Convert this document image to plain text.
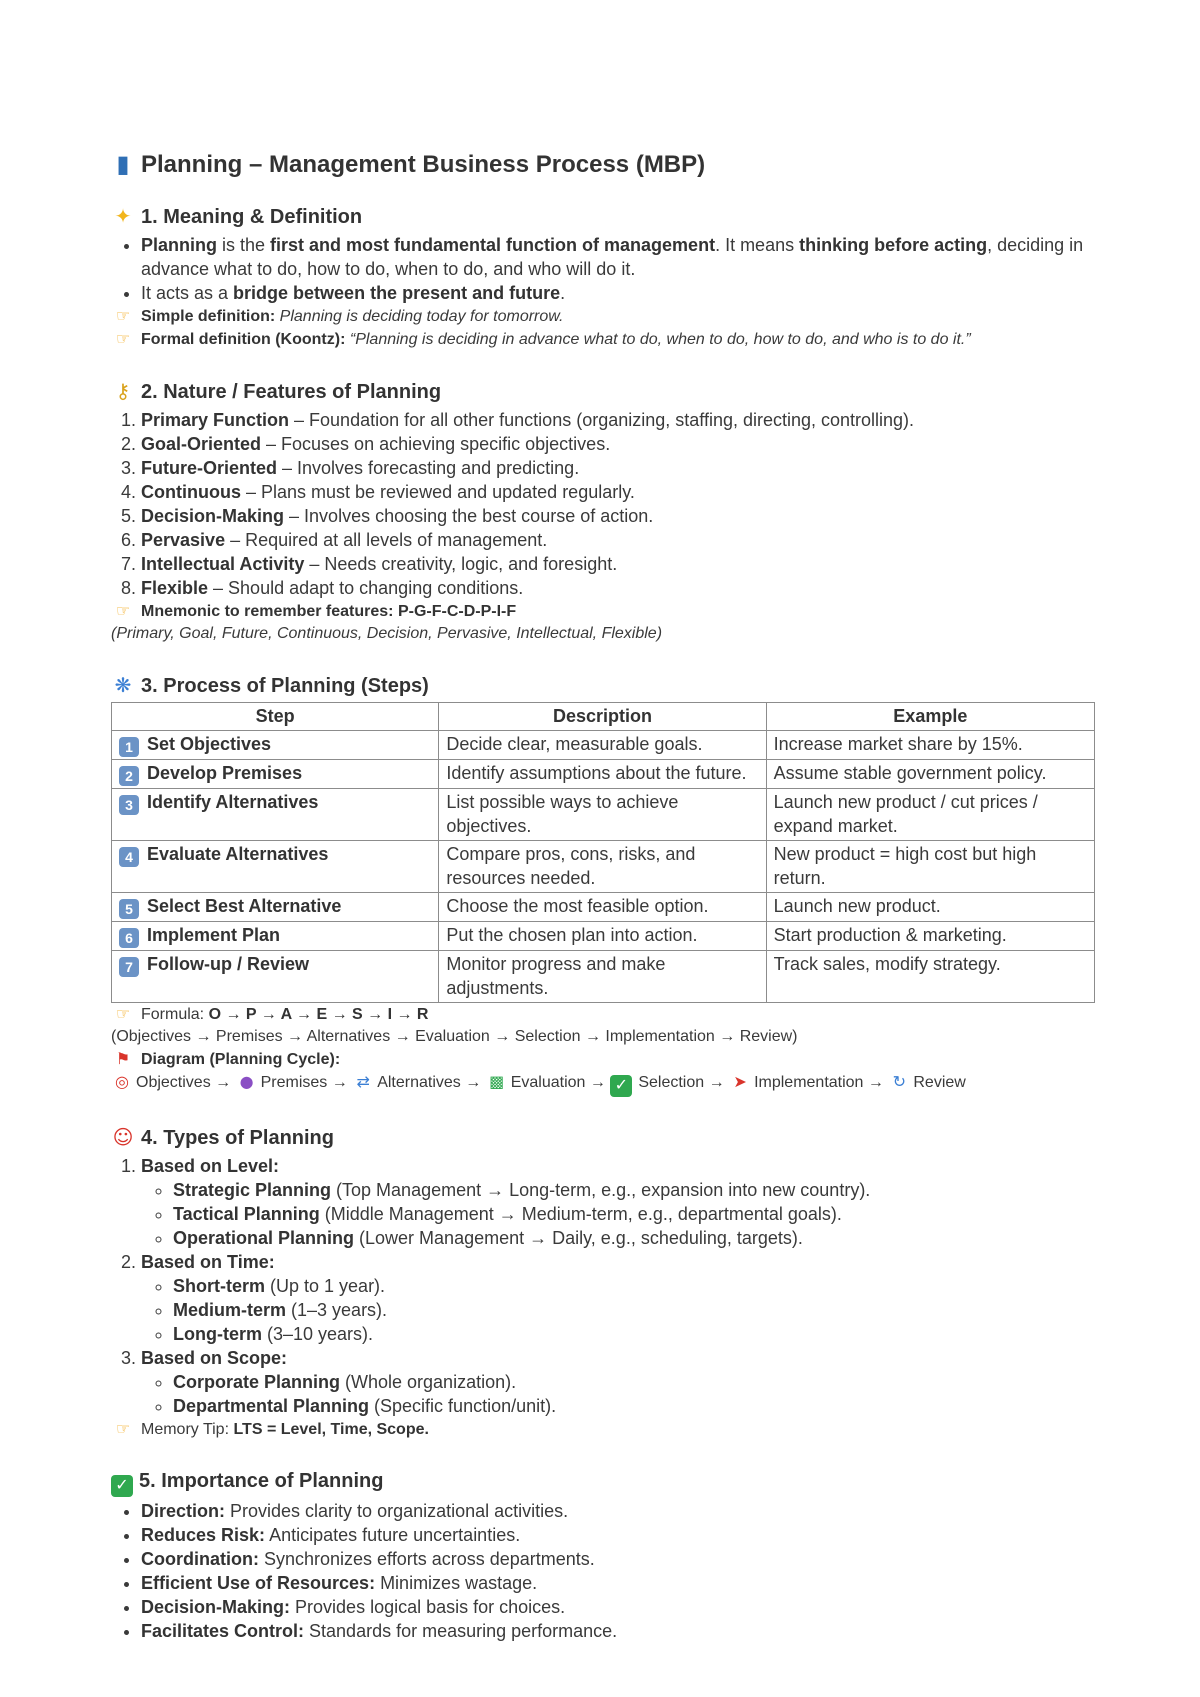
▮ Planning – Management Business Process (MBP)
✦ 1. Meaning & Definition
• Planning is the first and most fundamental function of management. It means thinking before acting, deciding in advance what to do, how to do, when to do, and who will do it.
• It acts as a bridge between the present and future.

☞ Simple definition: Planning is deciding today for tomorrow.

☞ Formal definition (Koontz): “Planning is deciding in advance what to do, when to do, how to do, and who is to do it.”

⚷ 2. Nature / Features of Planning
1. Primary Function – Foundation for all other functions (organizing, staffing, directing, controlling).
2. Goal-Oriented – Focuses on achieving specific objectives.
3. Future-Oriented – Involves forecasting and predicting.
4. Continuous – Plans must be reviewed and updated regularly.
5. Decision-Making – Involves choosing the best course of action.
6. Pervasive – Required at all levels of management.
7. Intellectual Activity – Needs creativity, logic, and foresight.
8. Flexible – Should adapt to changing conditions.

☞ Mnemonic to remember features: P-G-F-C-D-P-I-F

(Primary, Goal, Future, Continuous, Decision, Pervasive, Intellectual, Flexible)

❋ 3. Process of Planning (Steps)
Step	Description	Example
1 Set Objectives	Decide clear, measurable goals.	Increase market share by 15%.
2 Develop Premises	Identify assumptions about the future.	Assume stable government policy.
3 Identify Alternatives	List possible ways to achieve objectives.	Launch new product / cut prices / expand market.
4 Evaluate Alternatives	Compare pros, cons, risks, and resources needed.	New product = high cost but high return.
5 Select Best Alternative	Choose the most feasible option.	Launch new product.
6 Implement Plan	Put the chosen plan into action.	Start production & marketing.
7 Follow-up / Review	Monitor progress and make adjustments.	Track sales, modify strategy.

☞ Formula: O → P → A → E → S → I → R

(Objectives → Premises → Alternatives → Evaluation → Selection → Implementation → Review)

⚑ Diagram (Planning Cycle):

◎ Objectives → ● Premises → ⇄ Alternatives → ▩ Evaluation → ✓ Selection → ➤ Implementation → ↻ Review

☺ 4. Types of Planning
1. Based on Level:
◦ Strategic Planning (Top Management → Long-term, e.g., expansion into new country).
◦ Tactical Planning (Middle Management → Medium-term, e.g., departmental goals).
◦ Operational Planning (Lower Management → Daily, e.g., scheduling, targets).
2. Based on Time:
◦ Short-term (Up to 1 year).
◦ Medium-term (1–3 years).
◦ Long-term (3–10 years).
3. Based on Scope:
◦ Corporate Planning (Whole organization).
◦ Departmental Planning (Specific function/unit).

☞ Memory Tip: LTS = Level, Time, Scope.

✓ 5. Importance of Planning
• Direction: Provides clarity to organizational activities.
• Reduces Risk: Anticipates future uncertainties.
• Coordination: Synchronizes efforts across departments.
• Efficient Use of Resources: Minimizes wastage.
• Decision-Making: Provides logical basis for choices.
• Facilitates Control: Standards for measuring performance.
